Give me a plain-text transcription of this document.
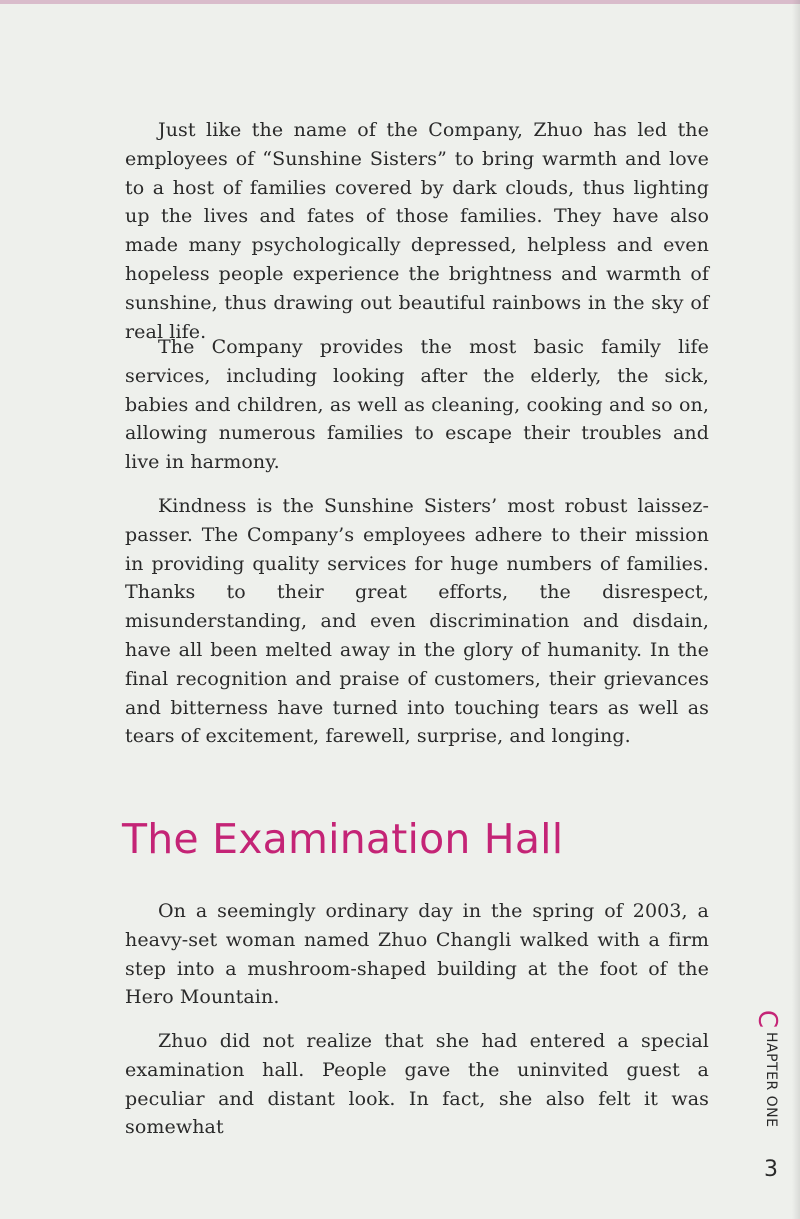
Just like the name of the Company, Zhuo has led the employees of “Sunshine Sisters” to bring warmth and love to a host of families covered by dark clouds, thus lighting up the lives and fates of those families. They have also made many psychologically depressed, helpless and even hopeless people experience the brightness and warmth of sunshine, thus drawing out beautiful rainbows in the sky of real life.

The Company provides the most basic family life services, including looking after the elderly, the sick, babies and children, as well as cleaning, cooking and so on, allowing numerous families to escape their troubles and live in harmony.

Kindness is the Sunshine Sisters’ most robust laissez-passer. The Company’s employees adhere to their mission in providing quality services for huge numbers of families. Thanks to their great efforts, the disrespect, misunderstanding, and even discrimination and disdain, have all been melted away in the glory of humanity. In the final recognition and praise of customers, their grievances and bitterness have turned into touching tears as well as tears of excitement, farewell, surprise, and longing.

The Examination Hall

On a seemingly ordinary day in the spring of 2003, a heavy-set woman named Zhuo Changli walked with a firm step into a mushroom-shaped building at the foot of the Hero Mountain.

Zhuo did not realize that she had entered a special examination hall. People gave the uninvited guest a peculiar and distant look. In fact, she also felt it was somewhat

C
HAPTER ONE
3
